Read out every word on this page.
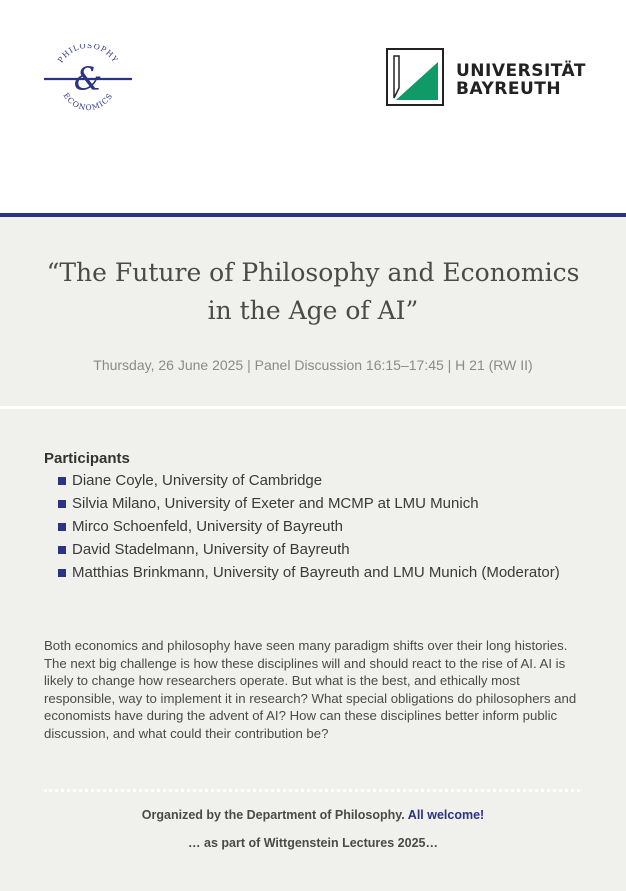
PHILOSOPHY
ECONOMICS
&	UNIVERSITÄT
BAYREUTH
“The Future of Philosophy and Economics
in the Age of AI”
Thursday, 26 June 2025 | Panel Discussion 16:15–17:45 | H 21 (RW II)
Participants
Diane Coyle, University of Cambridge
Silvia Milano, University of Exeter and MCMP at LMU Munich
Mirco Schoenfeld, University of Bayreuth
David Stadelmann, University of Bayreuth
Matthias Brinkmann, University of Bayreuth and LMU Munich (Moderator)

Both economics and philosophy have seen many paradigm shifts over their long histories. The next big challenge is how these disciplines will and should react to the rise of AI. AI is likely to change how researchers operate. But what is the best, and ethically most responsible, way to implement it in research? What special obligations do philosophers and economists have during the advent of AI? How can these disciplines better inform public discussion, and what could their contribution be?

Organized by the Department of Philosophy. All welcome!
… as part of Wittgenstein Lectures 2025…
